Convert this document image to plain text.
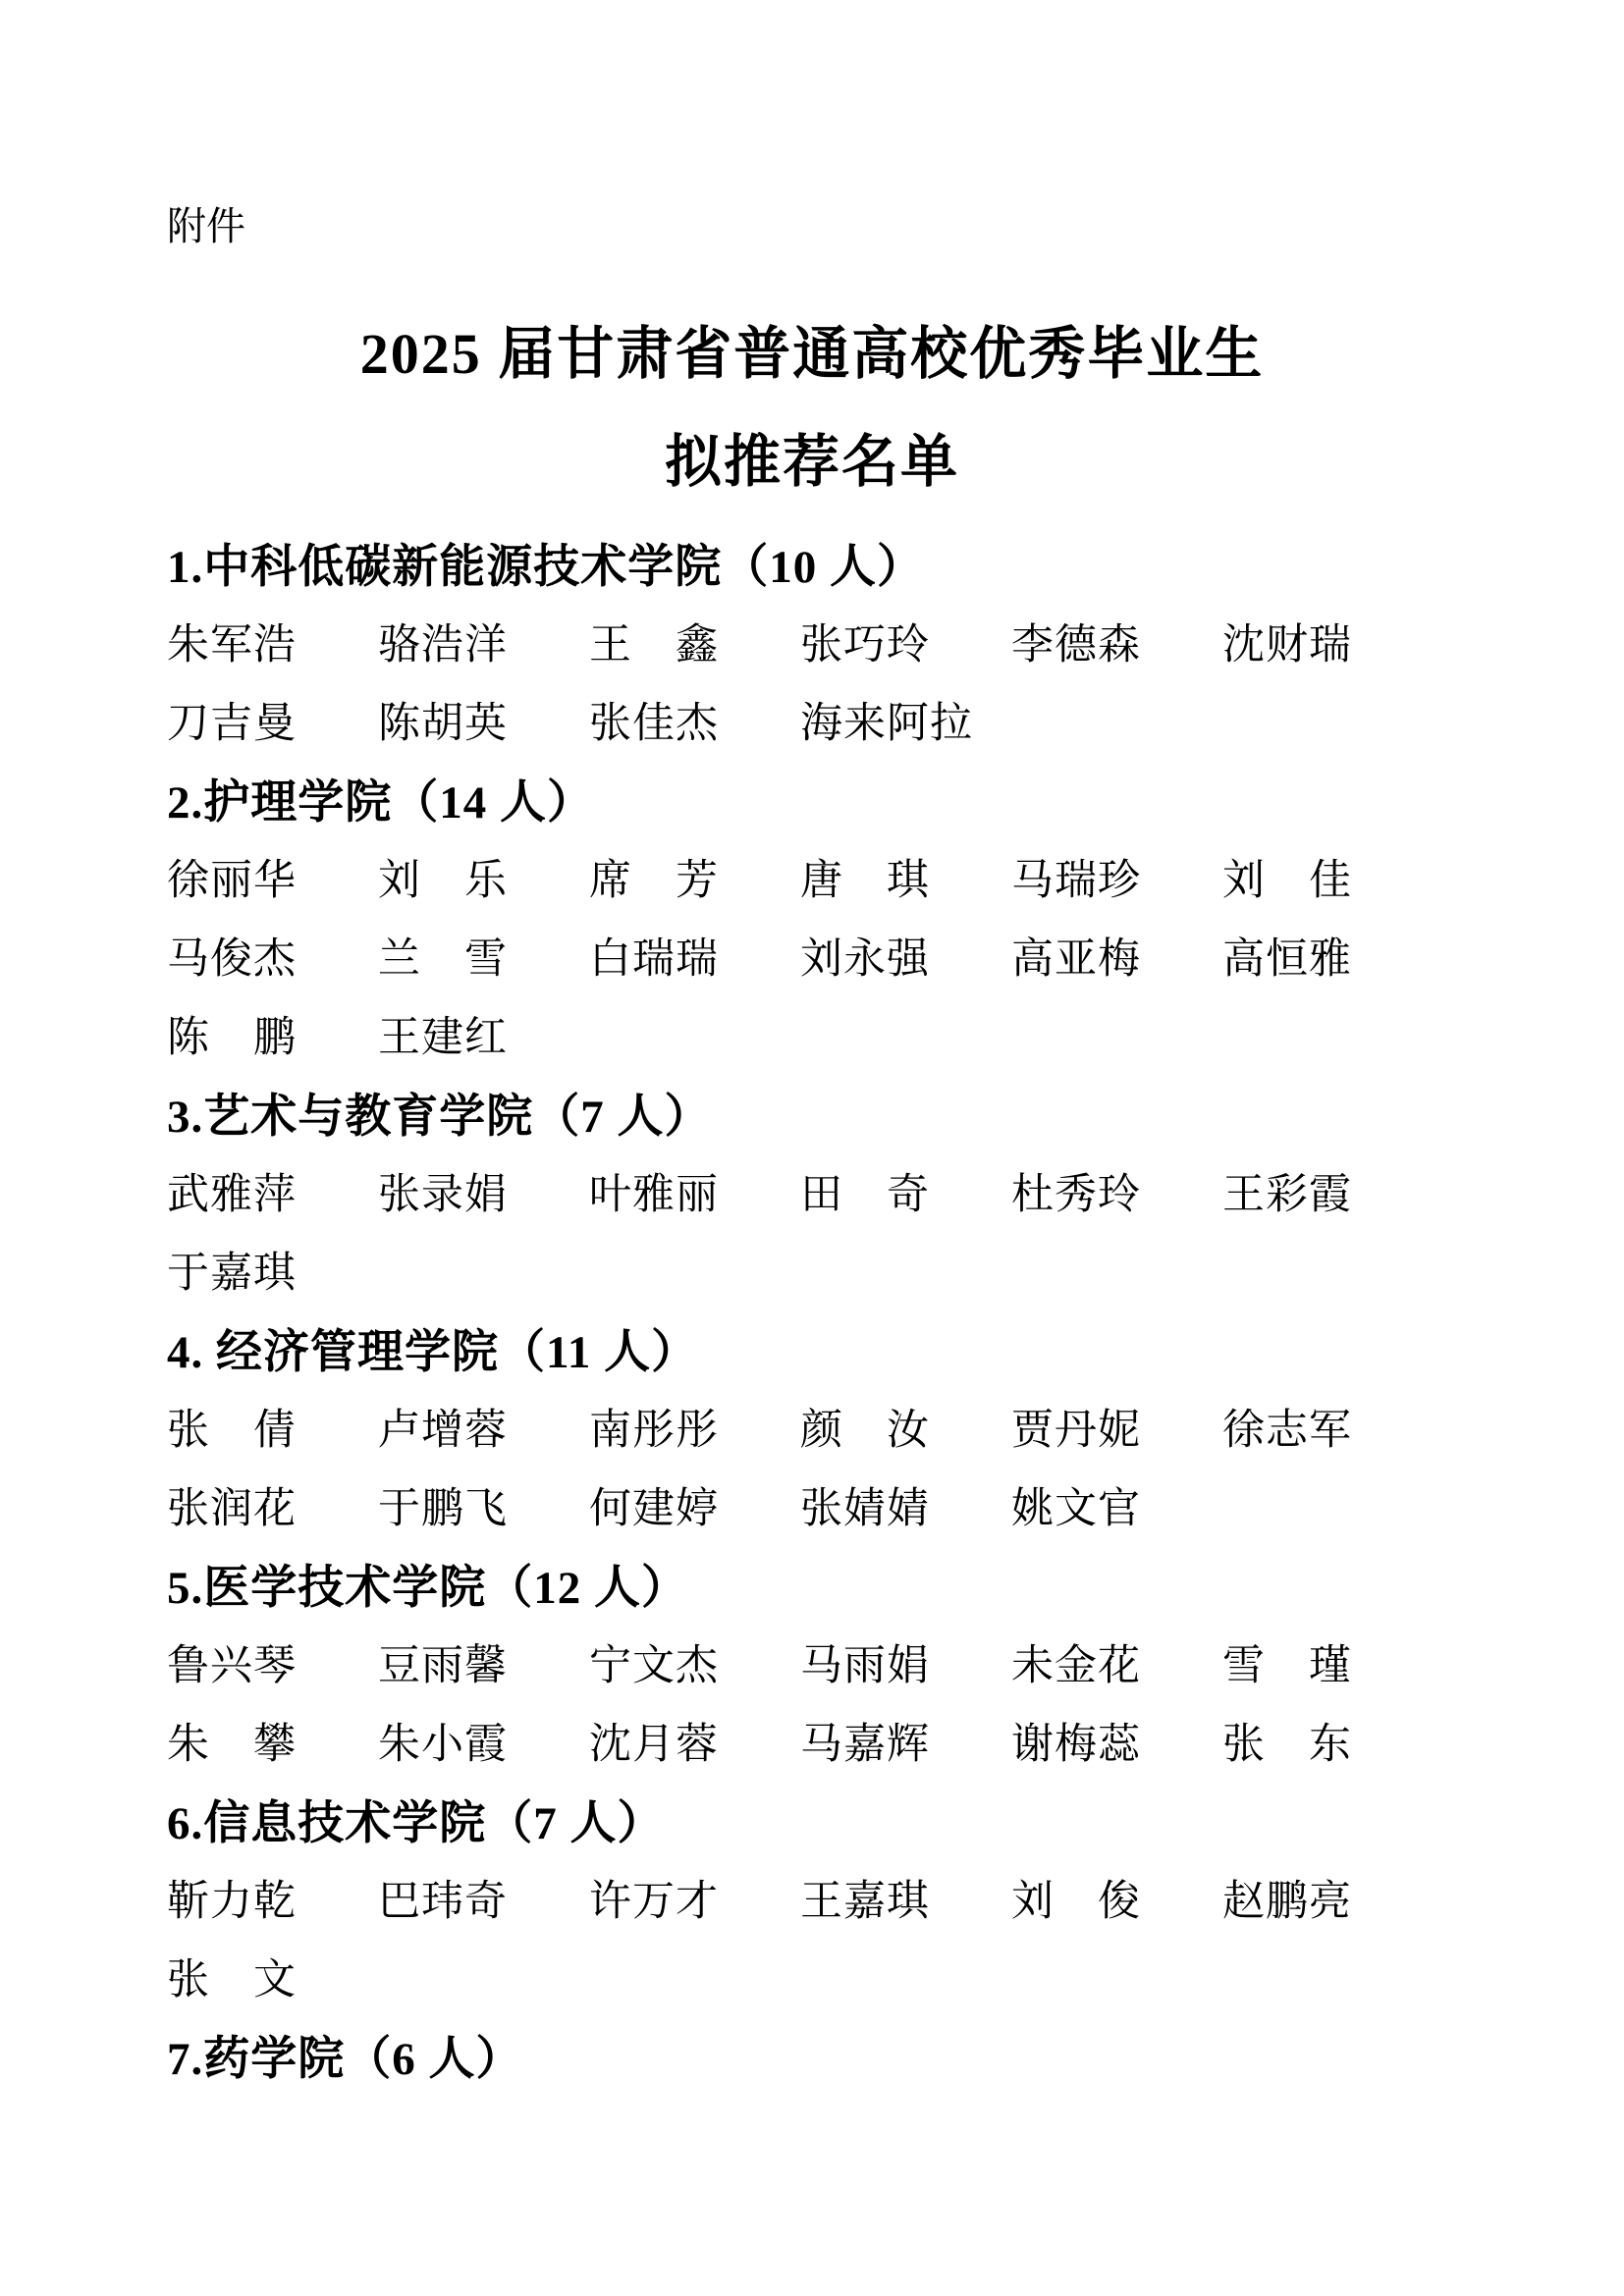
附件
2025 届甘肃省普通高校优秀毕业生
拟推荐名单
1.中科低碳新能源技术学院（10 人）
朱军浩	骆浩洋	王　鑫	张巧玲	李德森	沈财瑞
刀吉曼	陈胡英	张佳杰	海来阿拉
2.护理学院（14 人）
徐丽华	刘　乐	席　芳	唐　琪	马瑞珍	刘　佳
马俊杰	兰　雪	白瑞瑞	刘永强	高亚梅	高恒雅
陈　鹏	王建红
3.艺术与教育学院（7 人）
武雅萍	张录娟	叶雅丽	田　奇	杜秀玲	王彩霞
于嘉琪
4. 经济管理学院（11 人）
张　倩	卢增蓉	南彤彤	颜　汝	贾丹妮	徐志军
张润花	于鹏飞	何建婷	张婧婧	姚文官
5.医学技术学院（12 人）
鲁兴琴	豆雨馨	宁文杰	马雨娟	未金花	雪　瑾
朱　攀	朱小霞	沈月蓉	马嘉辉	谢梅蕊	张　东
6.信息技术学院（7 人）
靳力乾	巴玮奇	许万才	王嘉琪	刘　俊	赵鹏亮
张　文
7.药学院（6 人）
